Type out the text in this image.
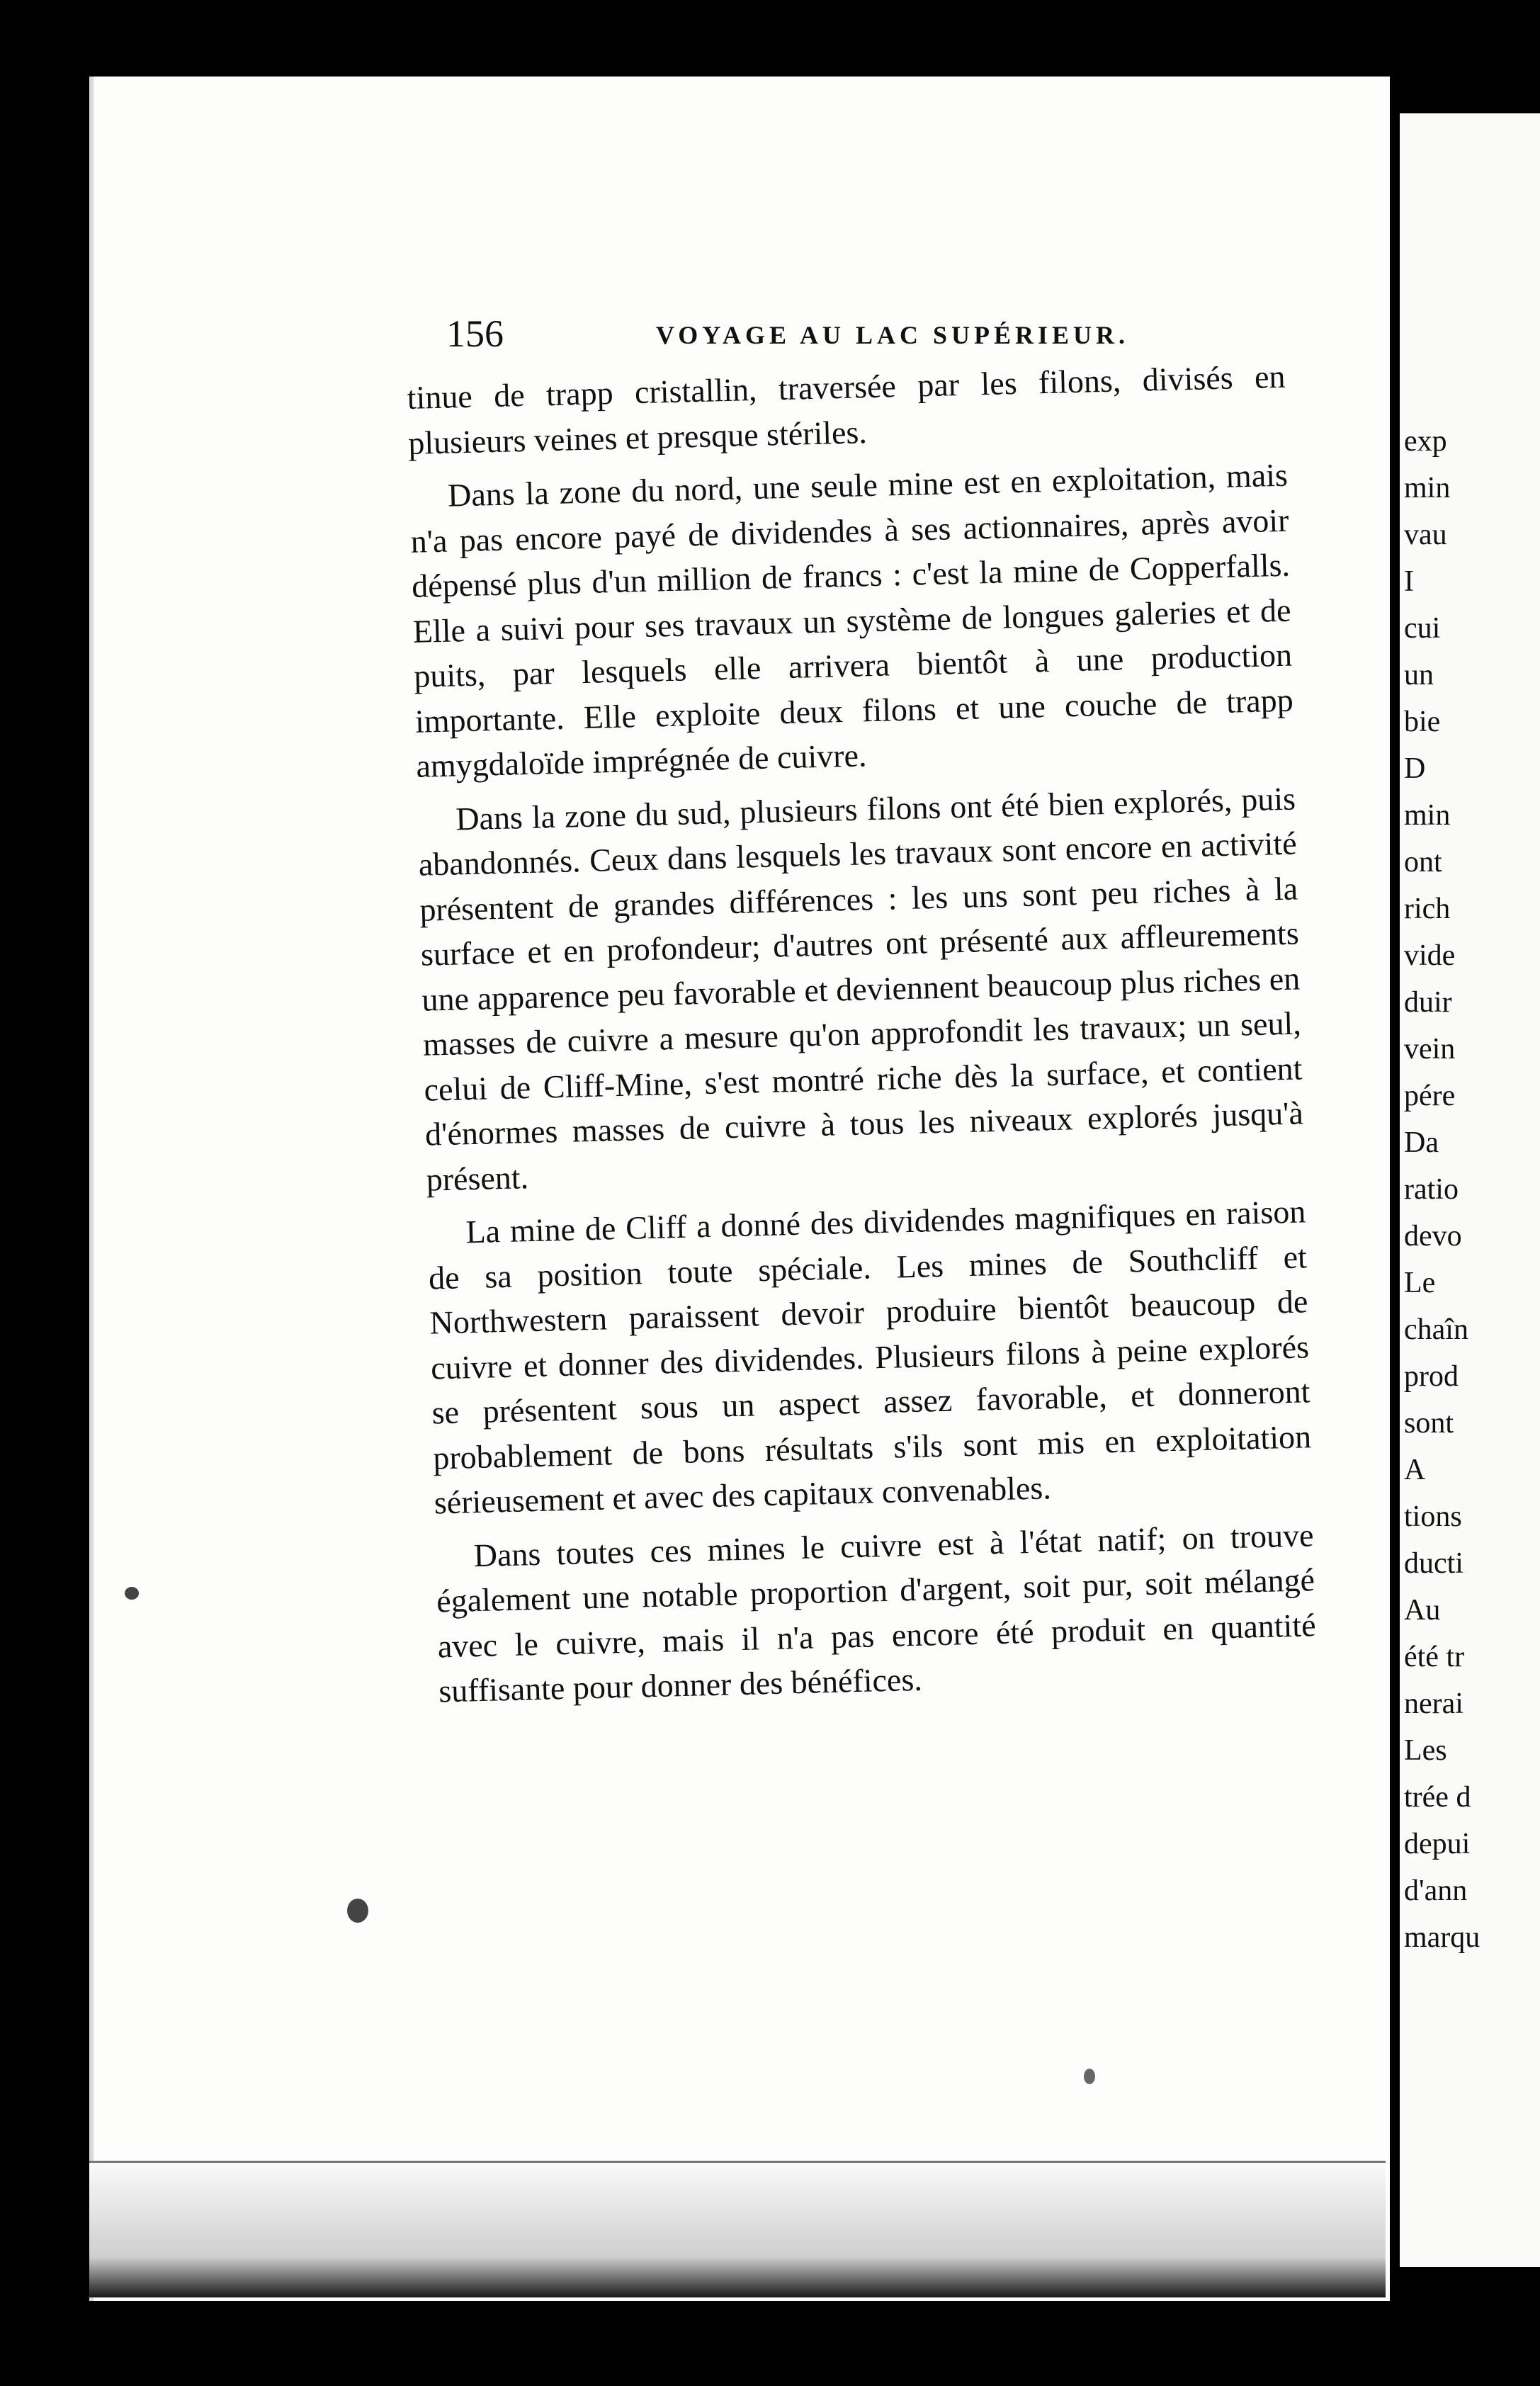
156	VOYAGE AU LAC SUPÉRIEUR.

tinue de trapp cristallin, traversée par les filons, divisés en plusieurs veines et presque stériles.

Dans la zone du nord, une seule mine est en exploitation, mais n'a pas encore payé de dividendes à ses actionnaires, après avoir dépensé plus d'un million de francs : c'est la mine de Copperfalls. Elle a suivi pour ses travaux un système de longues galeries et de puits, par lesquels elle arrivera bientôt à une production importante. Elle exploite deux filons et une couche de trapp amygdaloïde imprégnée de cuivre.

Dans la zone du sud, plusieurs filons ont été bien explorés, puis abandonnés. Ceux dans lesquels les travaux sont encore en activité présentent de grandes différences : les uns sont peu riches à la surface et en profondeur; d'autres ont présenté aux affleurements une apparence peu favorable et deviennent beaucoup plus riches en masses de cuivre a mesure qu'on approfondit les travaux; un seul, celui de Cliff-Mine, s'est montré riche dès la surface, et contient d'énormes masses de cuivre à tous les niveaux explorés jusqu'à présent.

La mine de Cliff a donné des dividendes magnifiques en raison de sa position toute spéciale. Les mines de Southcliff et Northwestern paraissent devoir produire bientôt beaucoup de cuivre et donner des dividendes. Plusieurs filons à peine explorés se présentent sous un aspect assez favorable, et donneront probablement de bons résultats s'ils sont mis en exploitation sérieusement et avec des capitaux convenables.

Dans toutes ces mines le cuivre est à l'état natif; on trouve également une notable proportion d'argent, soit pur, soit mélangé avec le cuivre, mais il n'a pas encore été produit en quantité suffisante pour donner des bénéfices.

exp
min
vau
I
cui
un
bie
D
min
ont
rich
vide
duir
vein
pére
Da
ratio
devo
Le
chaîn
prod
sont
A
tions
ducti
Au
été tr
nerai
Les
trée d
depui
d'ann
marqu
